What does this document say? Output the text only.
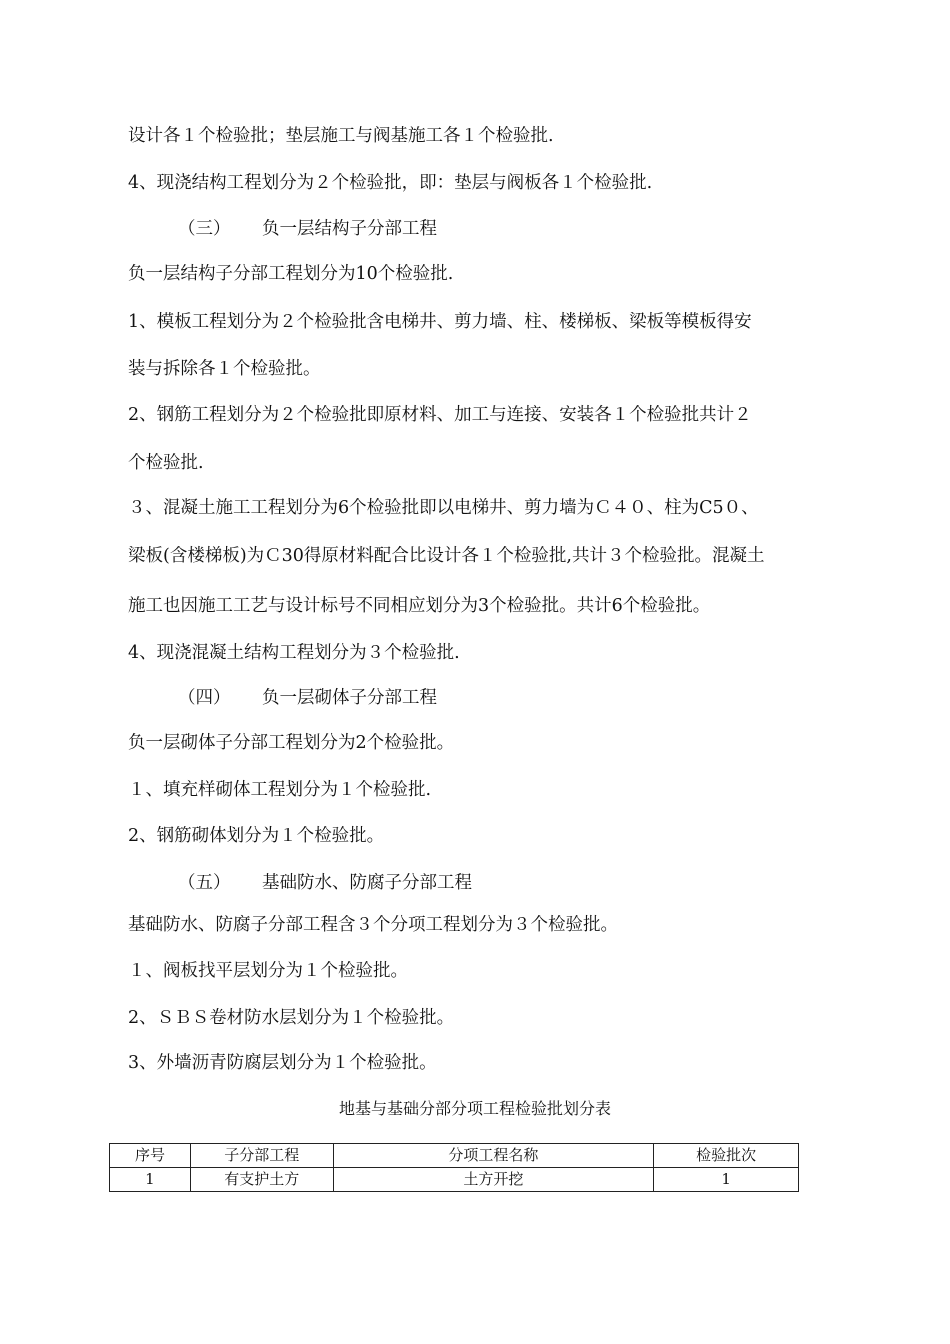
设计各１个检验批；垫层施工与阀基施工各１个检验批.
4、现浇结构工程划分为２个检验批，即：垫层与阀板各１个检验批.
（三） 负一层结构子分部工程
负一层结构子分部工程划分为10个检验批.
1、模板工程划分为２个检验批含电梯井、剪力墙、柱、楼梯板、梁板等模板得安
装与拆除各１个检验批。
2、钢筋工程划分为２个检验批即原材料、加工与连接、安装各１个检验批共计２
个检验批.
３、混凝土施工工程划分为6个检验批即以电梯井、剪力墙为Ｃ４０、柱为C5０、
梁板(含楼梯板)为Ｃ30得原材料配合比设计各１个检验批,共计３个检验批。混凝土
施工也因施工工艺与设计标号不同相应划分为3个检验批。共计6个检验批。
4、现浇混凝土结构工程划分为３个检验批.
（四） 负一层砌体子分部工程
负一层砌体子分部工程划分为2个检验批。
１、填充样砌体工程划分为１个检验批.
2、钢筋砌体划分为１个检验批。
（五） 基础防水、防腐子分部工程
基础防水、防腐子分部工程含３个分项工程划分为３个检验批。
１、阀板找平层划分为１个检验批。
2、ＳＢＳ卷材防水层划分为１个检验批。
3、外墙沥青防腐层划分为１个检验批。
地基与基础分部分项工程检验批划分表
序号	子分部工程	分项工程名称	检验批次
1	有支护土方	土方开挖	1
